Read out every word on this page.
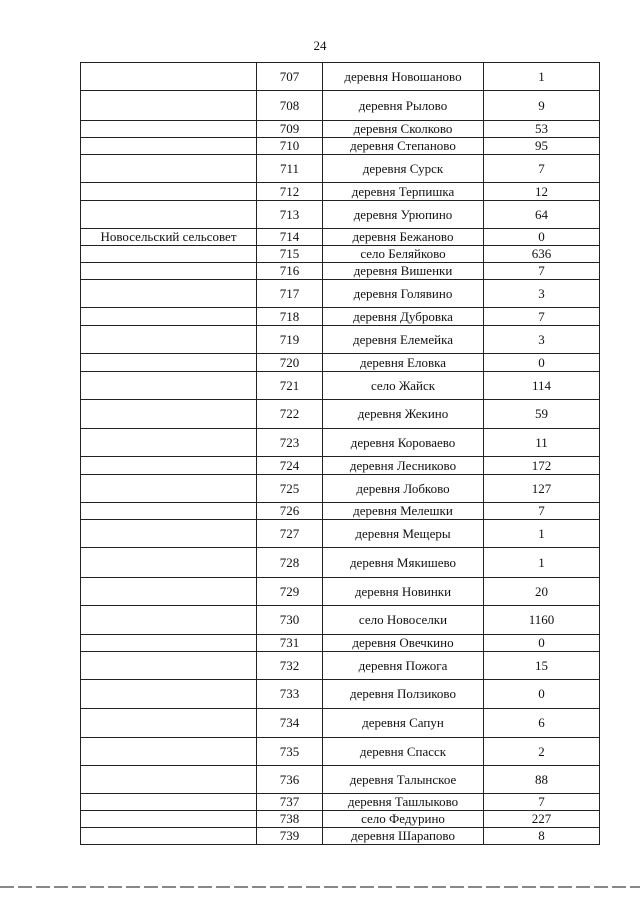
24
	707	деревня Новошаново	1
	708	деревня Рылово	9
	709	деревня Сколково	53
	710	деревня Степаново	95
	711	деревня Сурск	7
	712	деревня Терпишка	12
	713	деревня Урюпино	64

Новосельский сельсовет	714	деревня Бежаново	0
	715	село Беляйково	636
	716	деревня Вишенки	7
	717	деревня Голявино	3
	718	деревня Дубровка	7
	719	деревня Елемейка	3
	720	деревня Еловка	0
	721	село Жайск	114
	722	деревня Жекино	59
	723	деревня Короваево	11
	724	деревня Лесниково	172
	725	деревня Лобково	127
	726	деревня Мелешки	7
	727	деревня Мещеры	1
	728	деревня Мякишево	1
	729	деревня Новинки	20
	730	село Новоселки	1160
	731	деревня Овечкино	0
	732	деревня Пожога	15
	733	деревня Ползиково	0
	734	деревня Сапун	6
	735	деревня Спасск	2
	736	деревня Талынское	88
	737	деревня Ташлыково	7
	738	село Федурино	227
	739	деревня Шарапово	8
